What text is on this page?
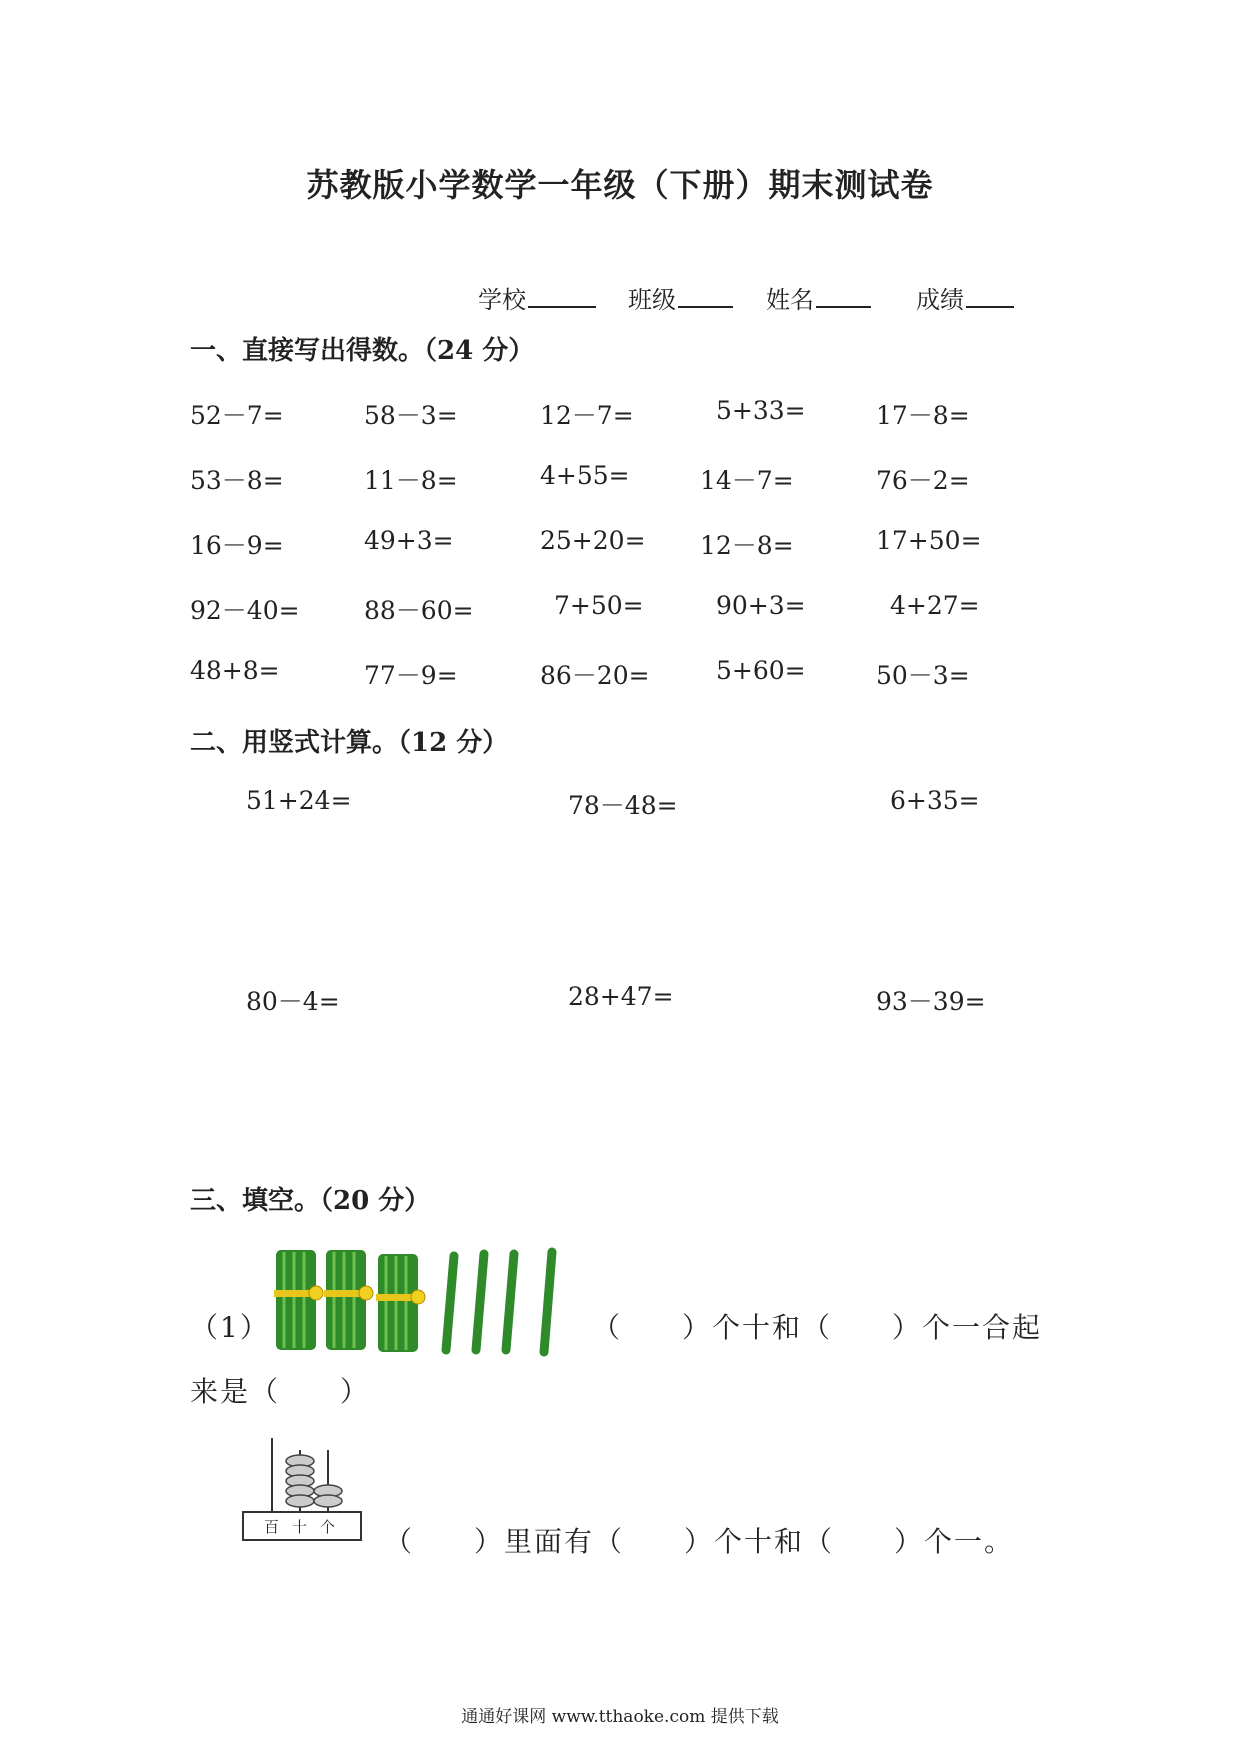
苏教版小学数学一年级（下册）期末测试卷
学校	班级	姓名	成绩
一、直接写出得数。（24 分）
52－7=	58－3=	12－7=	5+33=	17－8=
53－8=	11－8=	4+55=	14－7=	76－2=
16－9=	49+3=	25+20= 12－8=	17+50=
92－40=	88－60=	7+50=	90+3=	4+27=
48+8=	77－9=	86－20=	5+60=	50－3=
二、用竖式计算。（12 分）
51+24=	78－48=	6+35=
80－4=	28+47=	93－39=
三、填空。（20 分）
（1）	（　　）个十和（　　）个一合起
来是（　　）
百 十 个 （　　）里面有（　　）个十和（　　）个一。
通通好课网 www.tthaoke.com 提供下载
